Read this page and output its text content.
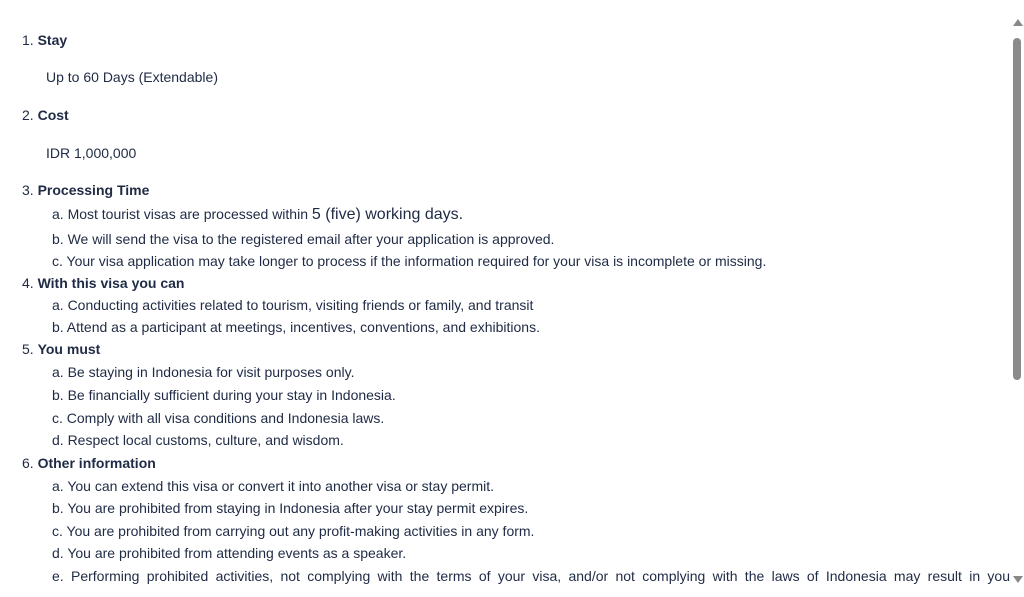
1. Stay
Up to 60 Days (Extendable)
2. Cost
IDR 1,000,000
3. Processing Time
a. Most tourist visas are processed within 5 (five) working days.
b. We will send the visa to the registered email after your application is approved.
c. Your visa application may take longer to process if the information required for your visa is incomplete or missing.
4. With this visa you can
a. Conducting activities related to tourism, visiting friends or family, and transit
b. Attend as a participant at meetings, incentives, conventions, and exhibitions.
5. You must
a. Be staying in Indonesia for visit purposes only.
b. Be financially sufficient during your stay in Indonesia.
c. Comply with all visa conditions and Indonesia laws.
d. Respect local customs, culture, and wisdom.
6. Other information
a. You can extend this visa or convert it into another visa or stay permit.
b. You are prohibited from staying in Indonesia after your stay permit expires.
c. You are prohibited from carrying out any profit-making activities in any form.
d. You are prohibited from attending events as a speaker.
e. Performing prohibited activities, not complying with the terms of your visa, and/or not complying with the laws of Indonesia may result in you
